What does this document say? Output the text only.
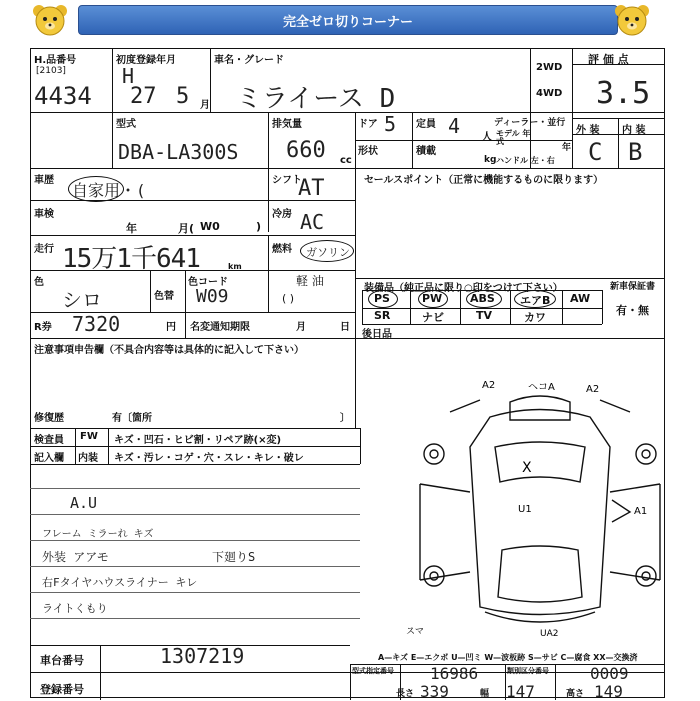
完全ゼロ切りコーナー
H.品番号
[2103]
4434
初度登録年月
H
27 5 月
車名・グレード
ミライース D
2WD
4WD
評 価 点
3.5
外 装 内 装
C B
型式
DBA-LA300S
排気量
660 cc
ドア 5 定員 4 人
ディーラー・並行
モデル 年式
年
ハンドル 左・右
形状	積載
kg
車歴
自家用・(
シフト
AT	セールスポイント（正常に機能するものに限ります）
車検
年	月( W0	)
冷房 AC
走行 15万1千641	km
燃料 ガソリン
軽 油
( )
色
シロ	色替
色コード
W09
R券 7320	円 名変通知期限	月	日
装備品（純正品に限り○印をつけて下さい）	新車保証書
有・無
PS	PW	ABS エアB AW
SR	ナビ	TV	カワ
後日品
注意事項申告欄（不具合内容等は具体的に記入して下さい）
修復歴	有〔箇所	〕
検査員 FW キズ・凹石・ヒビ割・リペア跡(×変)
記入欄 内装 キズ・汚レ・コゲ・穴・スレ・キレ・破レ
A.U
フレーム ミラーれ キズ
外装 アアモ
右Fタイヤハウスライナー キレ
ライトくもり
下廻りS
A2	ヘコA	A2
X
U1	A1
スマ	UA2
A—キズ E—エクボ U—凹ミ W—波板跡 S—サビ C—腐食 XX—交換済
車台番号	1307219
登録番号
型式指定番号 16986	類別区分番号	0009
長さ 339	幅 147	高さ 149
